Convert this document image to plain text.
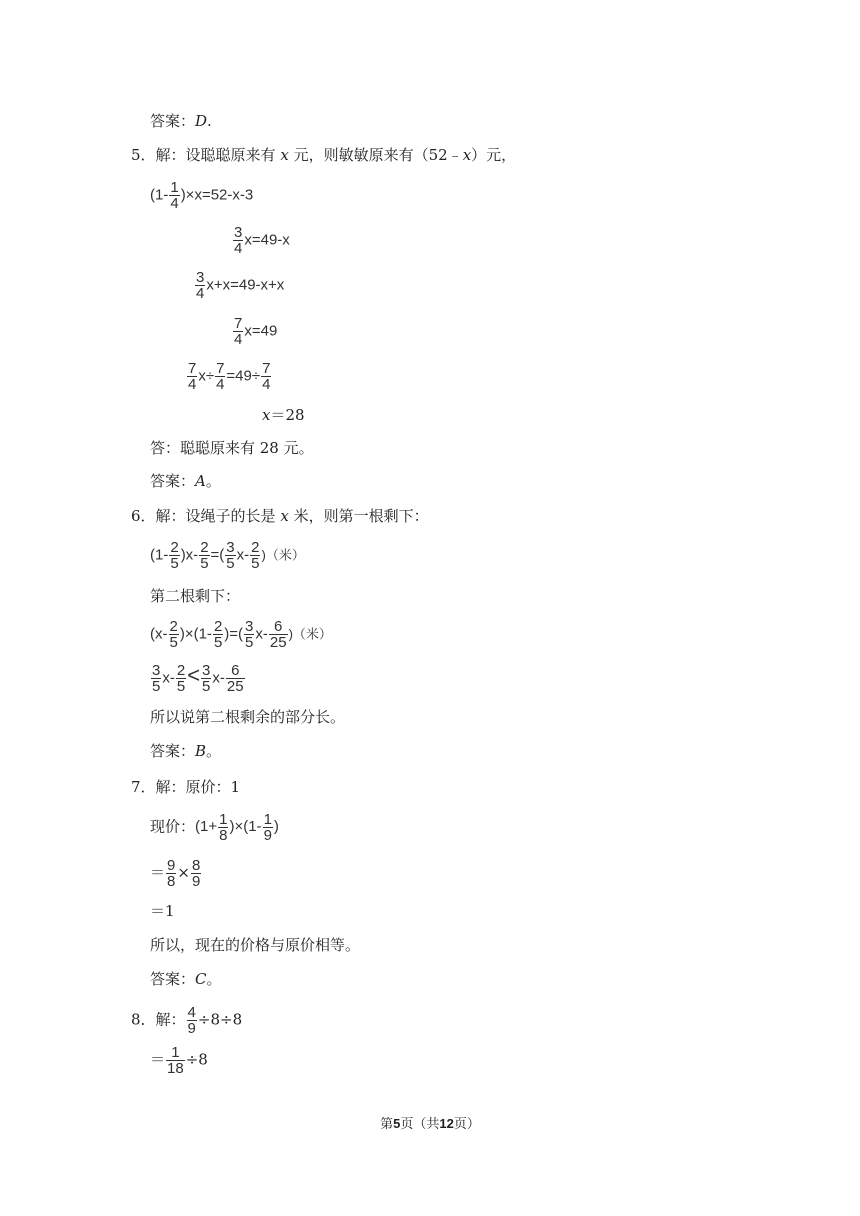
答案：D.
5．解：设聪聪原来有 x 元，则敏敏原来有（52﹣x）元，
$(1- \frac{1}{4} )\times x=52-x-3$
$\frac{3}{4} x=49-x$
$\frac{3}{4} x+x=49-x+x$
$\frac{7}{4} x=49$
$\frac{7}{4} x\div \frac{7}{4} =49\div \frac{7}{4}$
x＝28
答：聪聪原来有 28 元。
答案：A。
6．解：设绳子的长是 x 米，则第一根剩下：
$(1- \frac{2}{5} )x- \frac{2}{5}$ =( $\frac{3}{5} x- \frac{2}{5}$ )（米）
第二根剩下：
$(x- \frac{2}{5} )\times(1- \frac{2}{5}$ )=( $\frac{3}{5} x- \frac{6}{25}$ )（米）
$\frac{3}{5} x- \frac{2}{5} < \frac{3}{5} x- \frac{6}{25}$
所以说第二根剩余的部分长。
答案：B。
7．解：原价：1
现价：$(1+ \frac{1}{8} )\times(1- \frac{1}{9}$ )
＝ $\frac{9}{8} \times \frac{8}{9}$
＝1
所以，现在的价格与原价相等。
答案：C。
8．解： $\frac{4}{9} \div 8\div 8$
＝ $\frac{1}{18} \div 8$
第5页（共12页）
